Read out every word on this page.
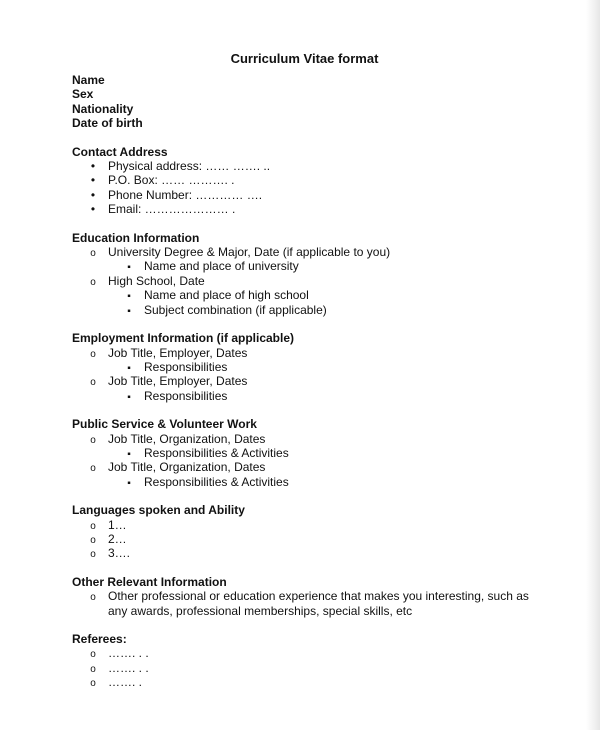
Curriculum Vitae format
Name
Sex
Nationality
Date of birth
Contact Address
•
Physical address: …… ……. ..
•
P.O. Box: …… ………. .
•
Phone Number: ………… ….
•
Email: ………………… .
Education Information
o
University Degree & Major, Date (if applicable to you)
▪
Name and place of university
o
High School, Date
▪
Name and place of high school
▪
Subject combination (if applicable)
Employment Information (if applicable)
o
Job Title, Employer, Dates
▪
Responsibilities
o
Job Title, Employer, Dates
▪
Responsibilities
Public Service & Volunteer Work
o
Job Title, Organization, Dates
▪
Responsibilities & Activities
o
Job Title, Organization, Dates
▪
Responsibilities & Activities
Languages spoken and Ability
o
1…
o
2…
o
3….
Other Relevant Information
o
Other professional or education experience that makes you interesting, such as any awards, professional memberships, special skills, etc
Referees:
o
……. . .
o
……. . .
o
……. .
